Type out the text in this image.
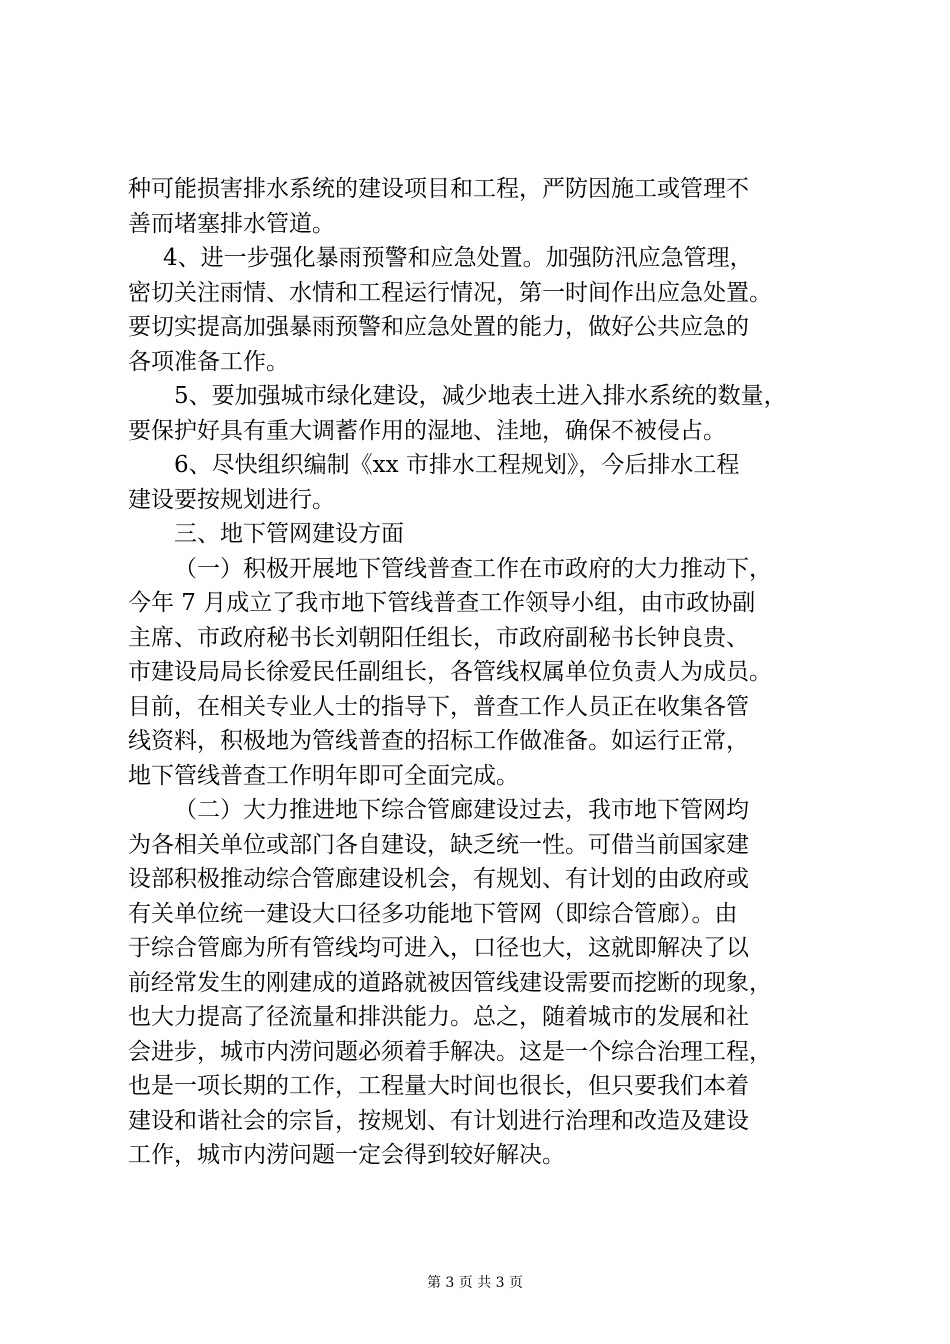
种可能损害排水系统的建设项目和工程，严防因施工或管理不
善而堵塞排水管道。
4、进一步强化暴雨预警和应急处置。加强防汛应急管理，
密切关注雨情、水情和工程运行情况，第一时间作出应急处置。
要切实提高加强暴雨预警和应急处置的能力，做好公共应急的
各项准备工作。
5、要加强城市绿化建设，减少地表土进入排水系统的数量，
要保护好具有重大调蓄作用的湿地、洼地，确保不被侵占。
6、尽快组织编制《xx 市排水工程规划》，今后排水工程
建设要按规划进行。
三、地下管网建设方面
（一）积极开展地下管线普查工作在市政府的大力推动下，
今年 7 月成立了我市地下管线普查工作领导小组，由市政协副
主席、市政府秘书长刘朝阳任组长，市政府副秘书长钟良贵、
市建设局局长徐爱民任副组长，各管线权属单位负责人为成员。
目前，在相关专业人士的指导下，普查工作人员正在收集各管
线资料，积极地为管线普查的招标工作做准备。如运行正常，
地下管线普查工作明年即可全面完成。
（二）大力推进地下综合管廊建设过去，我市地下管网均
为各相关单位或部门各自建设，缺乏统一性。可借当前国家建
设部积极推动综合管廊建设机会，有规划、有计划的由政府或
有关单位统一建设大口径多功能地下管网（即综合管廊）。由
于综合管廊为所有管线均可进入，口径也大，这就即解决了以
前经常发生的刚建成的道路就被因管线建设需要而挖断的现象，
也大力提高了径流量和排洪能力。总之，随着城市的发展和社
会进步，城市内涝问题必须着手解决。这是一个综合治理工程，
也是一项长期的工作，工程量大时间也很长，但只要我们本着
建设和谐社会的宗旨，按规划、有计划进行治理和改造及建设
工作，城市内涝问题一定会得到较好解决。
第 3 页 共 3 页
